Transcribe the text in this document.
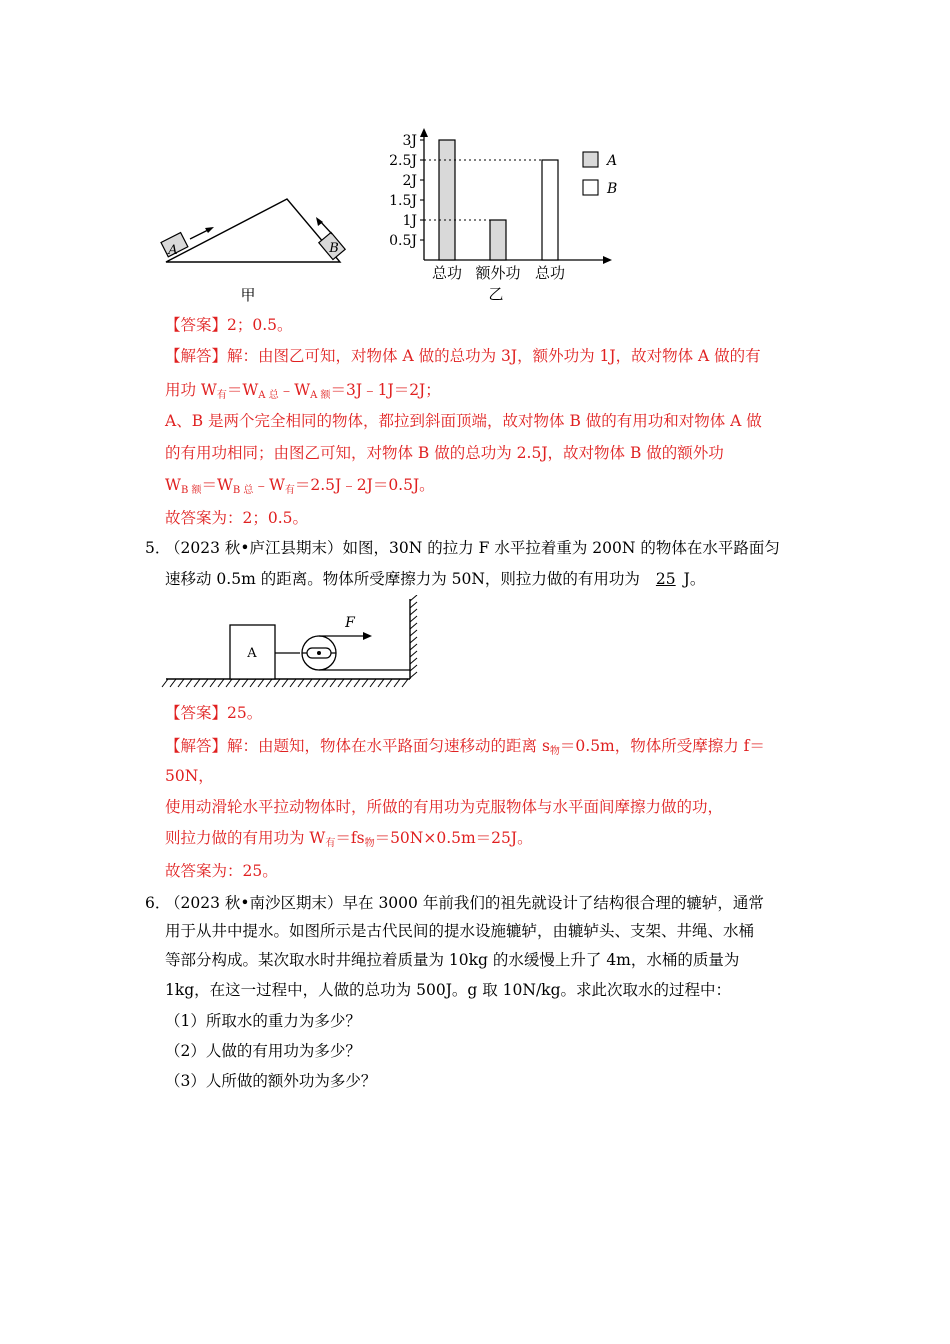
A	B
甲
0.5J
1J
1.5J
2J
2.5J
3J
总功 额外功 总功
A
B
乙
【答案】2；0.5。
【解答】解：由图乙可知，对物体 A 做的总功为 3J，额外功为 1J，故对物体 A 做的有
用功 $W_有=W_{A 总}﹣W_{A 额}=3J﹣1J=2J$；
A、B 是两个完全相同的物体，都拉到斜面顶端，故对物体 B 做的有用功和对物体 A 做
的有用功相同；由图乙可知，对物体 B 做的总功为 2.5J，故对物体 B 做的额外功
$W_{B 额}=W_{B 总}﹣W_有=2.5J﹣2J=0.5J$。
故答案为：2；0.5。
5．
（2023 秋•庐江县期末）如图，30N 的拉力 F 水平拉着重为 200N 的物体在水平路面匀
速移动 0.5m 的距离。物体所受摩擦力为 50N，则拉力做的有用功为 25 J。
A
F
【答案】25。
【解答】解：由题知，物体在水平路面匀速移动的距离 $s_物=0.5m$，物体所受摩擦力 f＝
50N，
使用动滑轮水平拉动物体时，所做的有用功为克服物体与水平面间摩擦力做的功，
则拉力做的有用功为 $W_有=fs_物=50N\times 0.5m=25J$。
故答案为：25。
6．
（2023 秋•南沙区期末）早在 3000 年前我们的祖先就设计了结构很合理的辘轳，通常
用于从井中提水。如图所示是古代民间的提水设施辘轳，由辘轳头、支架、井绳、水桶
等部分构成。某次取水时井绳拉着质量为 10kg 的水缓慢上升了 4m，水桶的质量为
1kg，在这一过程中，人做的总功为 500J。g 取 10N/kg。求此次取水的过程中：
（1）所取水的重力为多少？
（2）人做的有用功为多少？
（3）人所做的额外功为多少？
